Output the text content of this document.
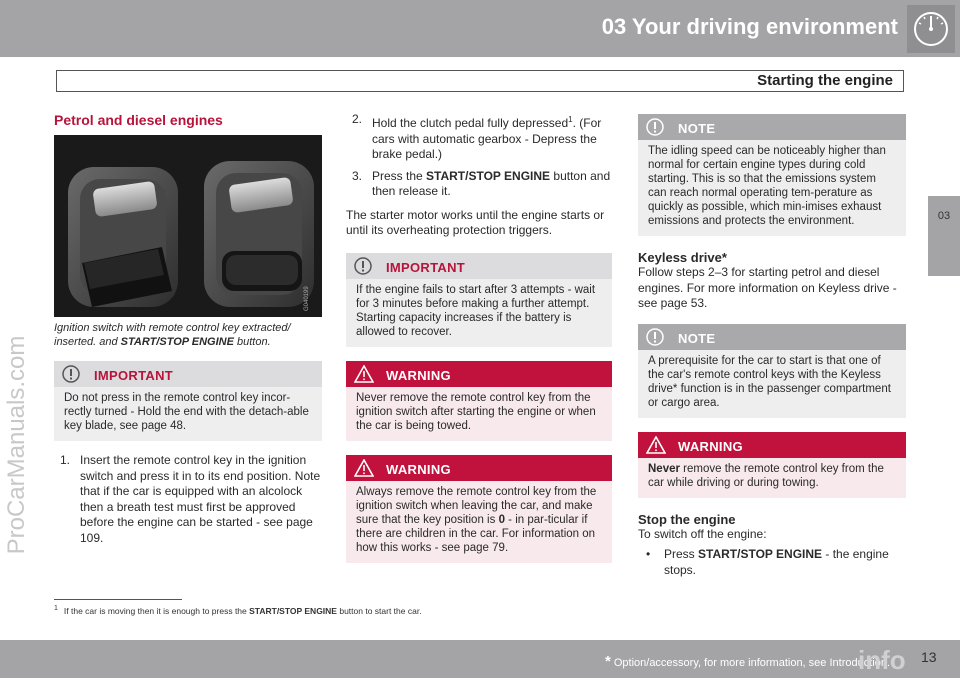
03 Your driving environment
Starting the engine
03
ProCarManuals.com
Petrol and diesel engines
G040199

Ignition switch with remote control key extracted/ inserted. and START/STOP ENGINE button.

IMPORTANT
Do not press in the remote control key incor-rectly turned - Hold the end with the detach-able key blade, see page 48.
1. Insert the remote control key in the ignition switch and press it in to its end position. Note that if the car is equipped with an alcolock then a breath test must first be approved before the engine can be started - see page 109.
2. Hold the clutch pedal fully depressed$^1$. (For cars with automatic gearbox - Depress the brake pedal.)
3. Press the START/STOP ENGINE button and then release it.

The starter motor works until the engine starts or until its overheating protection triggers.

IMPORTANT
If the engine fails to start after 3 attempts - wait for 3 minutes before making a further attempt. Starting capacity increases if the battery is allowed to recover.
WARNING
Never remove the remote control key from the ignition switch after starting the engine or when the car is being towed.
WARNING
Always remove the remote control key from the ignition switch when leaving the car, and make sure that the key position is 0 - in par-ticular if there are children in the car. For information on how this works - see page 79.
NOTE
The idling speed can be noticeably higher than normal for certain engine types during cold starting. This is so that the emissions system can reach normal operating tem-perature as quickly as possible, which min-imises exhaust emissions and protects the environment.
Keyless drive*

Follow steps 2–3 for starting petrol and diesel engines. For more information on Keyless drive - see page 53.

NOTE
A prerequisite for the car to start is that one of the car's remote control keys with the Keyless drive* function is in the passenger compartment or cargo area.
WARNING
Never remove the remote control key from the car while driving or during towing.
Stop the engine

To switch off the engine:

• Press START/STOP ENGINE - the engine stops.
$^1$ If the car is moving then it is enough to press the START/STOP ENGINE button to start the car.
* Option/accessory, for more information, see Introduction. 13
info
